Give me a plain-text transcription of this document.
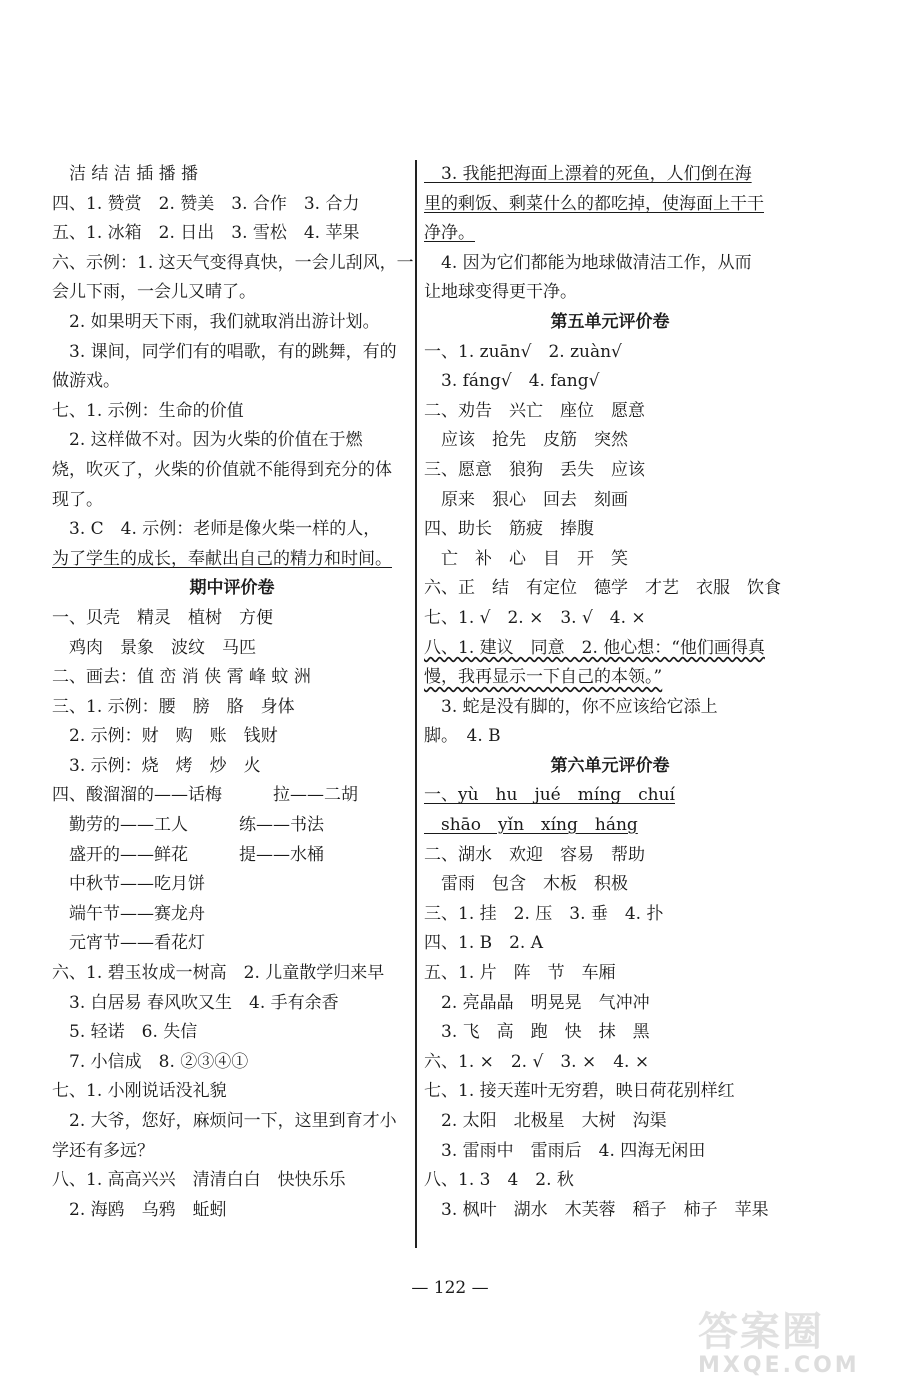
　洁 结 洁 插 播 播
四、1. 赞赏　2. 赞美　3. 合作　3. 合力
五、1. 冰箱　2. 日出　3. 雪松　4. 苹果
六、示例：1. 这天气变得真快，一会儿刮风，一
会儿下雨，一会儿又晴了。
　2. 如果明天下雨，我们就取消出游计划。
　3. 课间，同学们有的唱歌，有的跳舞，有的
做游戏。
七、1. 示例：生命的价值
　2. 这样做不对。因为火柴的价值在于燃
烧，吹灭了，火柴的价值就不能得到充分的体
现了。
　3. C　4. 示例：老师是像火柴一样的人，
为了学生的成长，奉献出自己的精力和时间。
期中评价卷
一、贝壳　精灵　植树　方便
　鸡肉　景象　波纹　马匹
二、画去：值 峦 消 侠 霄 峰 蚊 洲
三、1. 示例：腰　膀　胳　身体
　2. 示例：财　购　账　钱财
　3. 示例：烧　烤　炒　火
四、酸溜溜的——话梅　　　拉——二胡
　勤劳的——工人　　　练——书法
　盛开的——鲜花　　　提——水桶
　中秋节——吃月饼
　端午节——赛龙舟
　元宵节——看花灯
六、1. 碧玉妆成一树高　2. 儿童散学归来早
　3. 白居易 春风吹又生　4. 手有余香
　5. 轻诺　6. 失信
　7. 小信成　8. ②③④①
七、1. 小刚说话没礼貌
　2. 大爷，您好，麻烦问一下，这里到育才小
学还有多远？
八、1. 高高兴兴　清清白白　快快乐乐
　2. 海鸥　乌鸦　蚯蚓
　3. 我能把海面上漂着的死鱼，人们倒在海
里的剩饭、剩菜什么的都吃掉，使海面上干干
净净。
　4. 因为它们都能为地球做清洁工作，从而
让地球变得更干净。
第五单元评价卷
一、1. zuān√　2. zuàn√
　3. fáng√　4. fang√
二、劝告　兴亡　座位　愿意
　应该　抢先　皮筋　突然
三、愿意　狼狗　丢失　应该
　原来　狠心　回去　刻画
四、助长　筋疲　捧腹
　亡　补　心　目　开　笑
六、正　结　有定位　德学　才艺　衣服　饮食
七、1. √　2. ×　3. √　4. ×
八、1. 建议　同意　2. 他心想：“他们画得真
慢，我再显示一下自己的本领。”
　3. 蛇是没有脚的，你不应该给它添上
脚。　4. B
第六单元评价卷
一、yù　hu　jué　míng　chuí
　shāo　yǐn　xíng　háng
二、湖水　欢迎　容易　帮助
　雷雨　包含　木板　积极
三、1. 挂　2. 压　3. 垂　4. 扑
四、1. B　2. A
五、1. 片　阵　节　车厢
　2. 亮晶晶　明晃晃　气冲冲
　3. 飞　高　跑　快　抹　黑
六、1. ×　2. √　3. ×　4. ×
七、1. 接天莲叶无穷碧，映日荷花别样红
　2. 太阳　北极星　大树　沟渠
　3. 雷雨中　雷雨后　4. 四海无闲田
八、1. 3　4　2. 秋
　3. 枫叶　湖水　木芙蓉　稻子　柿子　苹果
— 122 —
答案圈
MXQE.COM
